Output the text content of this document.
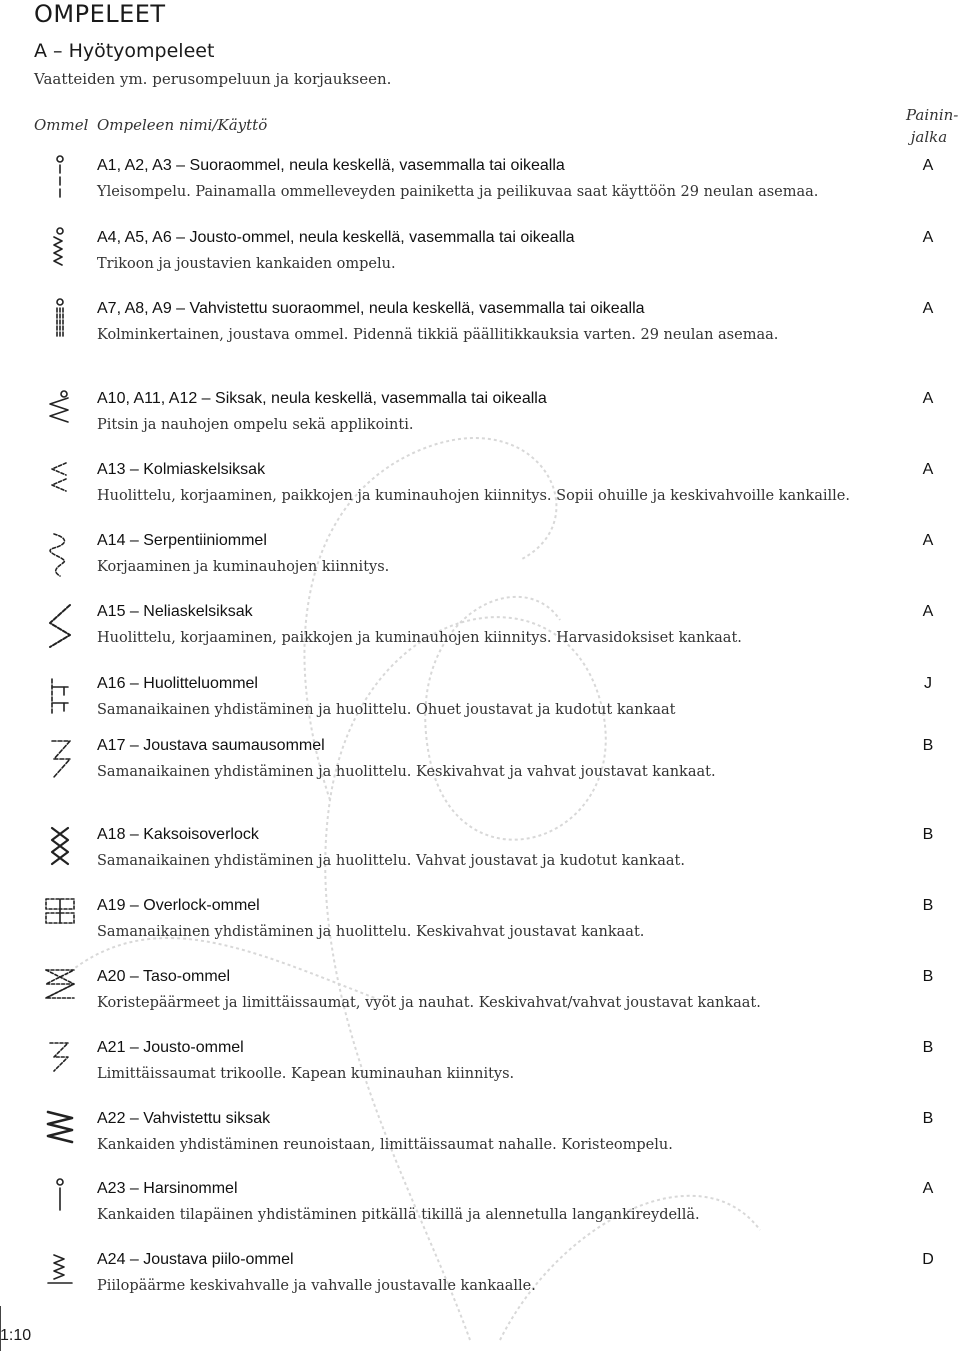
OMPELEET
A – Hyötyompeleet
Vaatteiden ym. perusompeluun ja korjaukseen.
Ommel Ompeleen nimi/Käyttö
Painin-
jalka
A1, A2, A3 – Suoraommel, neula keskellä, vasemmalla tai oikealla
Yleisompelu. Painamalla ommelleveyden painiketta ja peilikuvaa saat käyttöön 29 neulan asemaa.
A
A4, A5, A6 – Jousto-ommel, neula keskellä, vasemmalla tai oikealla
Trikoon ja joustavien kankaiden ompelu.
A
A7, A8, A9 – Vahvistettu suoraommel, neula keskellä, vasemmalla tai oikealla
Kolminkertainen, joustava ommel. Pidennä tikkiä päällitikkauksia varten. 29 neulan asemaa.
A
A10, A11, A12 – Siksak, neula keskellä, vasemmalla tai oikealla
Pitsin ja nauhojen ompelu sekä applikointi.
A
A13 – Kolmiaskelsiksak
Huolittelu, korjaaminen, paikkojen ja kuminauhojen kiinnitys. Sopii ohuille ja keskivahvoille kankaille.
A
A14 – Serpentiiniommel
Korjaaminen ja kuminauhojen kiinnitys.
A
A15 – Neliaskelsiksak
Huolittelu, korjaaminen, paikkojen ja kuminauhojen kiinnitys. Harvasidoksiset kankaat.
A
A16 – Huolitteluommel
Samanaikainen yhdistäminen ja huolittelu. Ohuet joustavat ja kudotut kankaat
J
A17 – Joustava saumausommel
Samanaikainen yhdistäminen ja huolittelu. Keskivahvat ja vahvat joustavat kankaat.
B
A18 – Kaksoisoverlock
Samanaikainen yhdistäminen ja huolittelu. Vahvat joustavat ja kudotut kankaat.
B
A19 – Overlock-ommel
Samanaikainen yhdistäminen ja huolittelu. Keskivahvat joustavat kankaat.
B
A20 – Taso-ommel
Koristepäärmeet ja limittäissaumat, vyöt ja nauhat. Keskivahvat/vahvat joustavat kankaat.
B
A21 – Jousto-ommel
Limittäissaumat trikoolle. Kapean kuminauhan kiinnitys.
B
A22 – Vahvistettu siksak
Kankaiden yhdistäminen reunoistaan, limittäissaumat nahalle. Koristeompelu.
B
A23 – Harsinommel
Kankaiden tilapäinen yhdistäminen pitkällä tikillä ja alennetulla langankireydellä.
A
A24 – Joustava piilo-ommel
Piilopäärme keskivahvalle ja vahvalle joustavalle kankaalle.
D
1:10
